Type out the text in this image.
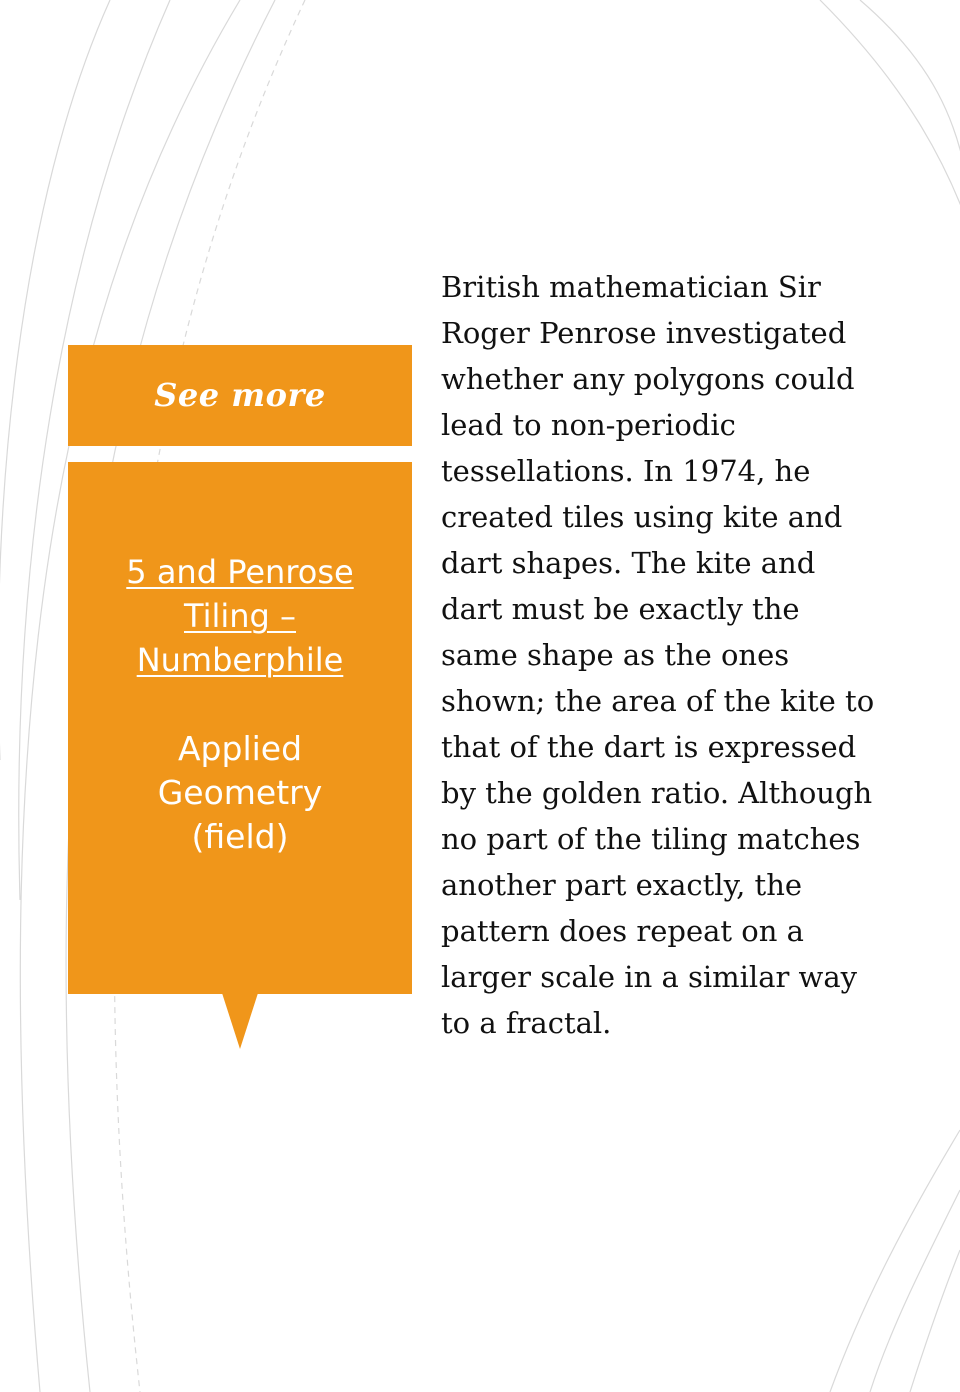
See more
5 and Penrose
Tiling –
Numberphile
Applied
Geometry
(field)
British mathematician Sir
Roger Penrose investigated
whether any polygons could
lead to non-periodic
tessellations. In 1974, he
created tiles using kite and
dart shapes. The kite and
dart must be exactly the
same shape as the ones
shown; the area of the kite to
that of the dart is expressed
by the golden ratio. Although
no part of the tiling matches
another part exactly, the
pattern does repeat on a
larger scale in a similar way
to a fractal.
